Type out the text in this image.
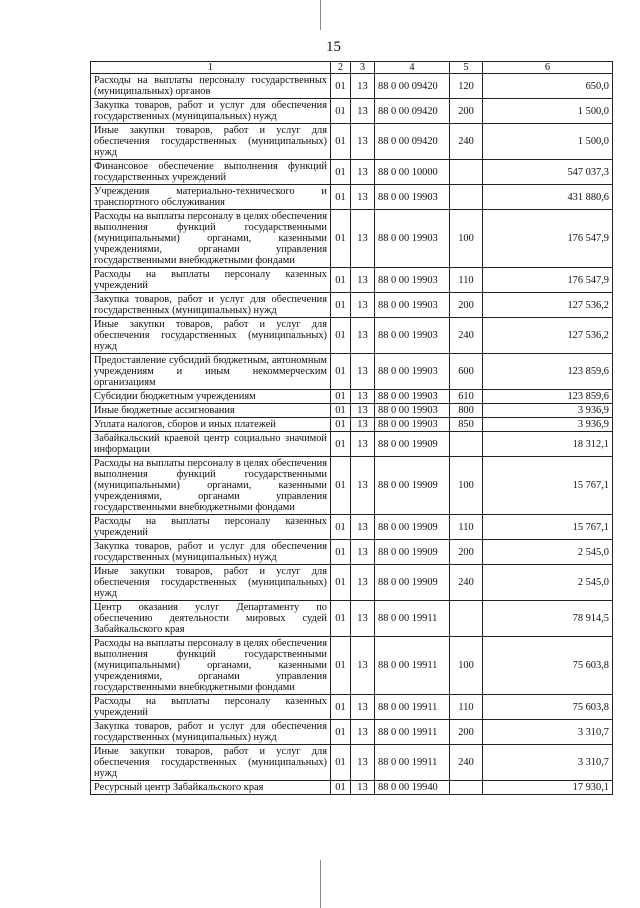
15
1	2	3	4	5	6
Расходы на выплаты персоналу государственных (муниципальных) органов	01	13	88 0 00 09420	120	650,0
Закупка товаров, работ и услуг для обеспечения государственных (муниципальных) нужд	01	13	88 0 00 09420	200	1 500,0
Иные закупки товаров, работ и услуг для обеспечения государственных (муниципальных) нужд	01	13	88 0 00 09420	240	1 500,0
Финансовое обеспечение выполнения функций государственных учреждений	01	13	88 0 00 10000		547 037,3
Учреждения материально-технического и транспортного обслуживания	01	13	88 0 00 19903		431 880,6
Расходы на выплаты персоналу в целях обеспечения выполнения функций государственными (муниципальными) органами, казенными учреждениями, органами управления государственными внебюджетными фондами	01	13	88 0 00 19903	100	176 547,9
Расходы на выплаты персоналу казенных учреждений	01	13	88 0 00 19903	110	176 547,9
Закупка товаров, работ и услуг для обеспечения государственных (муниципальных) нужд	01	13	88 0 00 19903	200	127 536,2
Иные закупки товаров, работ и услуг для обеспечения государственных (муниципальных) нужд	01	13	88 0 00 19903	240	127 536,2
Предоставление субсидий бюджетным, автономным учреждениям и иным некоммерческим организациям	01	13	88 0 00 19903	600	123 859,6
Субсидии бюджетным учреждениям	01	13	88 0 00 19903	610	123 859,6
Иные бюджетные ассигнования	01	13	88 0 00 19903	800	3 936,9
Уплата налогов, сборов и иных платежей	01	13	88 0 00 19903	850	3 936,9
Забайкальский краевой центр социально значимой информации	01	13	88 0 00 19909		18 312,1
Расходы на выплаты персоналу в целях обеспечения выполнения функций государственными (муниципальными) органами, казенными учреждениями, органами управления государственными внебюджетными фондами	01	13	88 0 00 19909	100	15 767,1
Расходы на выплаты персоналу казенных учреждений	01	13	88 0 00 19909	110	15 767,1
Закупка товаров, работ и услуг для обеспечения государственных (муниципальных) нужд	01	13	88 0 00 19909	200	2 545,0
Иные закупки товаров, работ и услуг для обеспечения государственных (муниципальных) нужд	01	13	88 0 00 19909	240	2 545,0
Центр оказания услуг Департаменту по обеспечению деятельности мировых судей Забайкальского края	01	13	88 0 00 19911		78 914,5
Расходы на выплаты персоналу в целях обеспечения выполнения функций государственными (муниципальными) органами, казенными учреждениями, органами управления государственными внебюджетными фондами	01	13	88 0 00 19911	100	75 603,8
Расходы на выплаты персоналу казенных учреждений	01	13	88 0 00 19911	110	75 603,8
Закупка товаров, работ и услуг для обеспечения государственных (муниципальных) нужд	01	13	88 0 00 19911	200	3 310,7
Иные закупки товаров, работ и услуг для обеспечения государственных (муниципальных) нужд	01	13	88 0 00 19911	240	3 310,7
Ресурсный центр Забайкальского края	01	13	88 0 00 19940		17 930,1
